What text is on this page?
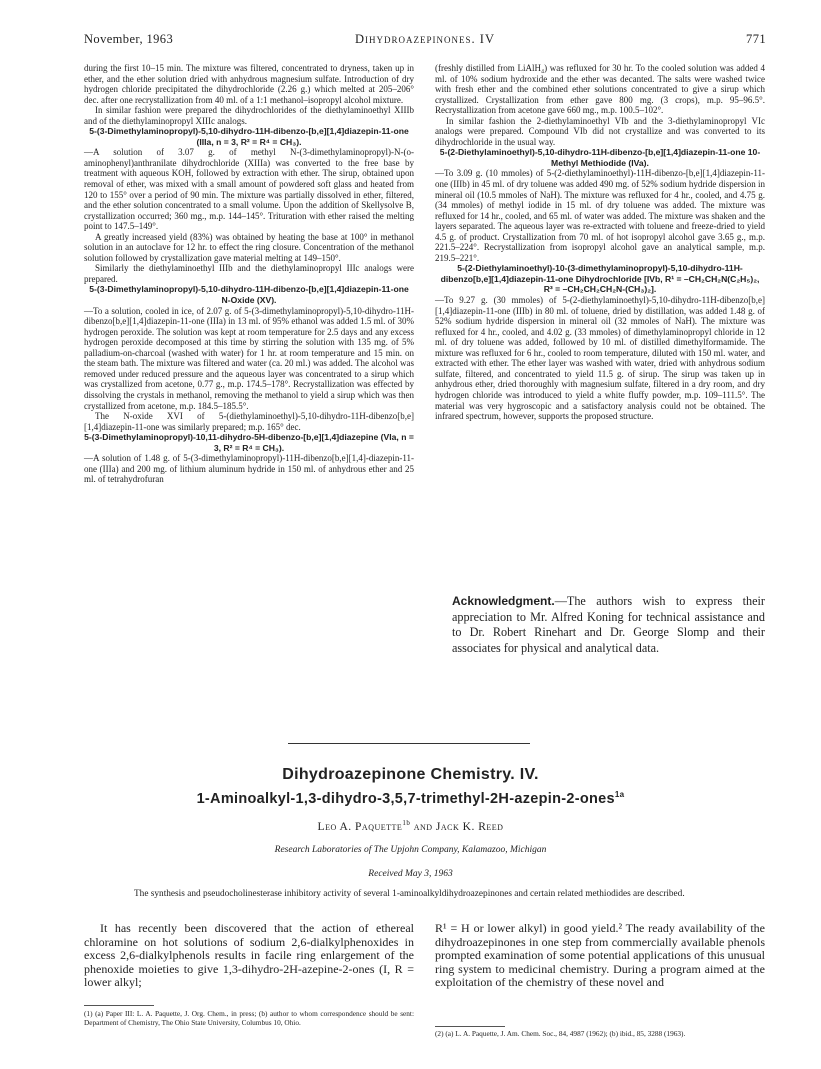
November, 1963	Dihydroazepinones. IV	771

during the first 10–15 min. The mixture was filtered, concentrated to dryness, taken up in ether, and the ether solution dried with anhydrous magnesium sulfate. Introduction of dry hydrogen chloride precipitated the dihydrochloride (2.26 g.) which melted at 205–206° dec. after one recrystallization from 40 ml. of a 1:1 methanol–isopropyl alcohol mixture.

In similar fashion were prepared the dihydrochlorides of the diethylaminoethyl XIIIb and of the diethylaminopropyl XIIIc analogs.

5-(3-Dimethylaminopropyl)-5,10-dihydro-11H-dibenzo-[b,e][1,4]diazepin-11-one (IIIa, n = 3, R² = R⁴ = CH₃).

—A solution of 3.07 g. of methyl N-(3-dimethylaminopropyl)-N-(o-aminophenyl)anthranilate dihydrochloride (XIIIa) was converted to the free base by treatment with aqueous KOH, followed by extraction with ether. The sirup, obtained upon removal of ether, was mixed with a small amount of powdered soft glass and heated from 120 to 155° over a period of 90 min. The mixture was partially dissolved in ether, filtered, and the ether solution concentrated to a small volume. Upon the addition of Skellysolve B, crystallization occurred; 360 mg., m.p. 144–145°. Trituration with ether raised the melting point to 147.5–149°.

A greatly increased yield (83%) was obtained by heating the base at 100° in methanol solution in an autoclave for 12 hr. to effect the ring closure. Concentration of the methanol solution followed by crystallization gave material melting at 149–150°.

Similarly the diethylaminoethyl IIIb and the diethylaminopropyl IIIc analogs were prepared.

5-(3-Dimethylaminopropyl)-5,10-dihydro-11H-dibenzo-[b,e][1,4]diazepin-11-one N-Oxide (XV).

—To a solution, cooled in ice, of 2.07 g. of 5-(3-dimethylaminopropyl)-5,10-dihydro-11H-dibenzo[b,e][1,4]diazepin-11-one (IIIa) in 13 ml. of 95% ethanol was added 1.5 ml. of 30% hydrogen peroxide. The solution was kept at room temperature for 2.5 days and any excess hydrogen peroxide decomposed at this time by stirring the solution with 135 mg. of 5% palladium-on-charcoal (washed with water) for 1 hr. at room temperature and 15 min. on the steam bath. The mixture was filtered and water (ca. 20 ml.) was added. The alcohol was removed under reduced pressure and the aqueous layer was concentrated to a sirup which was crystallized from acetone, 0.77 g., m.p. 174.5–178°. Recrystallization was effected by dissolving the crystals in methanol, removing the methanol to yield a sirup which was then crystallized from acetone, m.p. 184.5–185.5°.

The N-oxide XVI of 5-(diethylaminoethyl)-5,10-dihydro-11H-dibenzo[b,e][1,4]diazepin-11-one was similarly prepared; m.p. 165° dec.

5-(3-Dimethylaminopropyl)-10,11-dihydro-5H-dibenzo-[b,e][1,4]diazepine (VIa, n = 3, R² = R⁴ = CH₃).

—A solution of 1.48 g. of 5-(3-dimethylaminopropyl)-11H-dibenzo[b,e][1,4]-diazepin-11-one (IIIa) and 200 mg. of lithium aluminum hydride in 150 ml. of anhydrous ether and 25 ml. of tetrahydrofuran

(freshly distilled from LiAlH₄) was refluxed for 30 hr. To the cooled solution was added 4 ml. of 10% sodium hydroxide and the ether was decanted. The salts were washed twice with fresh ether and the combined ether solutions concentrated to give a sirup which crystallized. Crystallization from ether gave 800 mg. (3 crops), m.p. 95–96.5°. Recrystallization from acetone gave 660 mg., m.p. 100.5–102°.

In similar fashion the 2-diethylaminoethyl VIb and the 3-diethylaminopropyl VIc analogs were prepared. Compound VIb did not crystallize and was converted to its dihydrochloride in the usual way.

5-(2-Diethylaminoethyl)-5,10-dihydro-11H-dibenzo-[b,e][1,4]diazepin-11-one 10-Methyl Methiodide (IVa).

—To 3.09 g. (10 mmoles) of 5-(2-diethylaminoethyl)-11H-dibenzo-[b,e][1,4]diazepin-11-one (IIIb) in 45 ml. of dry toluene was added 490 mg. of 52% sodium hydride dispersion in mineral oil (10.5 mmoles of NaH). The mixture was refluxed for 4 hr., cooled, and 4.75 g. (34 mmoles) of methyl iodide in 15 ml. of dry toluene was added. The mixture was refluxed for 14 hr., cooled, and 65 ml. of water was added. The mixture was shaken and the layers separated. The aqueous layer was re-extracted with toluene and freeze-dried to yield 4.5 g. of product. Crystallization from 70 ml. of hot isopropyl alcohol gave 3.65 g., m.p. 221.5–224°. Recrystallization from isopropyl alcohol gave an analytical sample, m.p. 219.5–221°.

5-(2-Diethylaminoethyl)-10-(3-dimethylaminopropyl)-5,10-dihydro-11H-dibenzo[b,e][1,4]diazepin-11-one Dihydrochloride [IVb, R¹ = –CH₂CH₂N(C₂H₅)₂, R³ = –CH₂CH₂CH₂N-(CH₃)₂].

—To 9.27 g. (30 mmoles) of 5-(2-diethylaminoethyl)-5,10-dihydro-11H-dibenzo[b,e][1,4]diazepin-11-one (IIIb) in 80 ml. of toluene, dried by distillation, was added 1.48 g. of 52% sodium hydride dispersion in mineral oil (32 mmoles of NaH). The mixture was refluxed for 4 hr., cooled, and 4.02 g. (33 mmoles) of dimethylaminopropyl chloride in 12 ml. of dry toluene was added, followed by 10 ml. of distilled dimethylformamide. The mixture was refluxed for 6 hr., cooled to room temperature, diluted with 150 ml. water, and extracted with ether. The ether layer was washed with water, dried with anhydrous sodium sulfate, filtered, and concentrated to yield 11.5 g. of sirup. The sirup was taken up in anhydrous ether, dried thoroughly with magnesium sulfate, filtered in a dry room, and dry hydrogen chloride was introduced to yield a white fluffy powder, m.p. 109–111.5°. The material was very hygroscopic and a satisfactory analysis could not be obtained. The infrared spectrum, however, supports the proposed structure.

Acknowledgment.—The authors wish to express their appreciation to Mr. Alfred Koning for technical assistance and to Dr. Robert Rinehart and Dr. George Slomp and their associates for physical and analytical data.
Dihydroazepinone Chemistry. IV.
1-Aminoalkyl-1,3-dihydro-3,5,7-trimethyl-2H-azepin-2-ones$^{1a}$
Leo A. Paquette$^{1b}$ and Jack K. Reed
Research Laboratories of The Upjohn Company, Kalamazoo, Michigan
Received May 3, 1963
The synthesis and pseudocholinesterase inhibitory activity of several 1-aminoalkyldihydroazepinones and certain related methiodides are described.

It has recently been discovered that the action of ethereal chloramine on hot solutions of sodium 2,6-dialkylphenoxides in excess 2,6-dialkylphenols results in facile ring enlargement of the phenoxide moieties to give 1,3-dihydro-2H-azepine-2-ones (I, R = lower alkyl;

R¹ = H or lower alkyl) in good yield.² The ready availability of the dihydroazepinones in one step from commercially available phenols prompted examination of some potential applications of this unusual ring system to medicinal chemistry. During a program aimed at the exploitation of the chemistry of these novel and

(1) (a) Paper III: L. A. Paquette, J. Org. Chem., in press; (b) author to whom correspondence should be sent: Department of Chemistry, The Ohio State University, Columbus 10, Ohio.
(2) (a) L. A. Paquette, J. Am. Chem. Soc., 84, 4987 (1962); (b) ibid., 85, 3288 (1963).
